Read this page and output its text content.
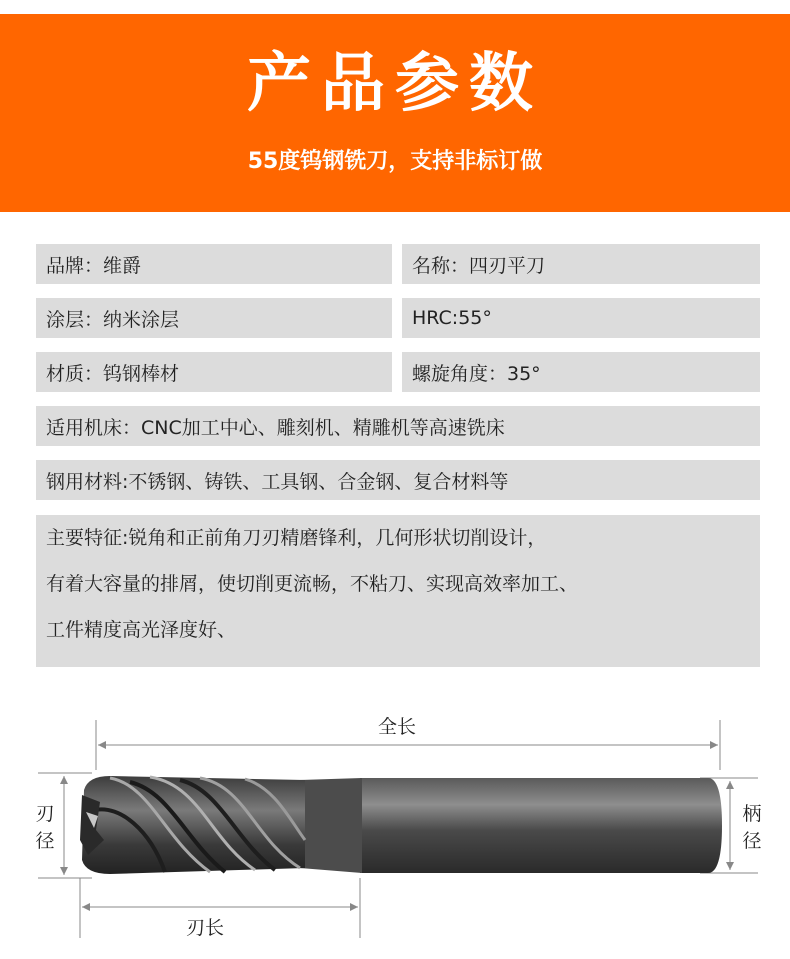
产品参数
55度钨钢铣刀，支持非标订做
品牌：维爵	名称：四刃平刀
涂层：纳米涂层	HRC:55°
材质：钨钢棒材	螺旋角度：35°
适用机床：CNC加工中心、雕刻机、精雕机等高速铣床
钢用材料:不锈钢、铸铁、工具钢、合金钢、复合材料等
主要特征:锐角和正前角刀刃精磨锋利，几何形状切削设计，
有着大容量的排屑，使切削更流畅，不粘刀、实现高效率加工、
工件精度高光泽度好、
全长
刃
径
柄
径
刃长
